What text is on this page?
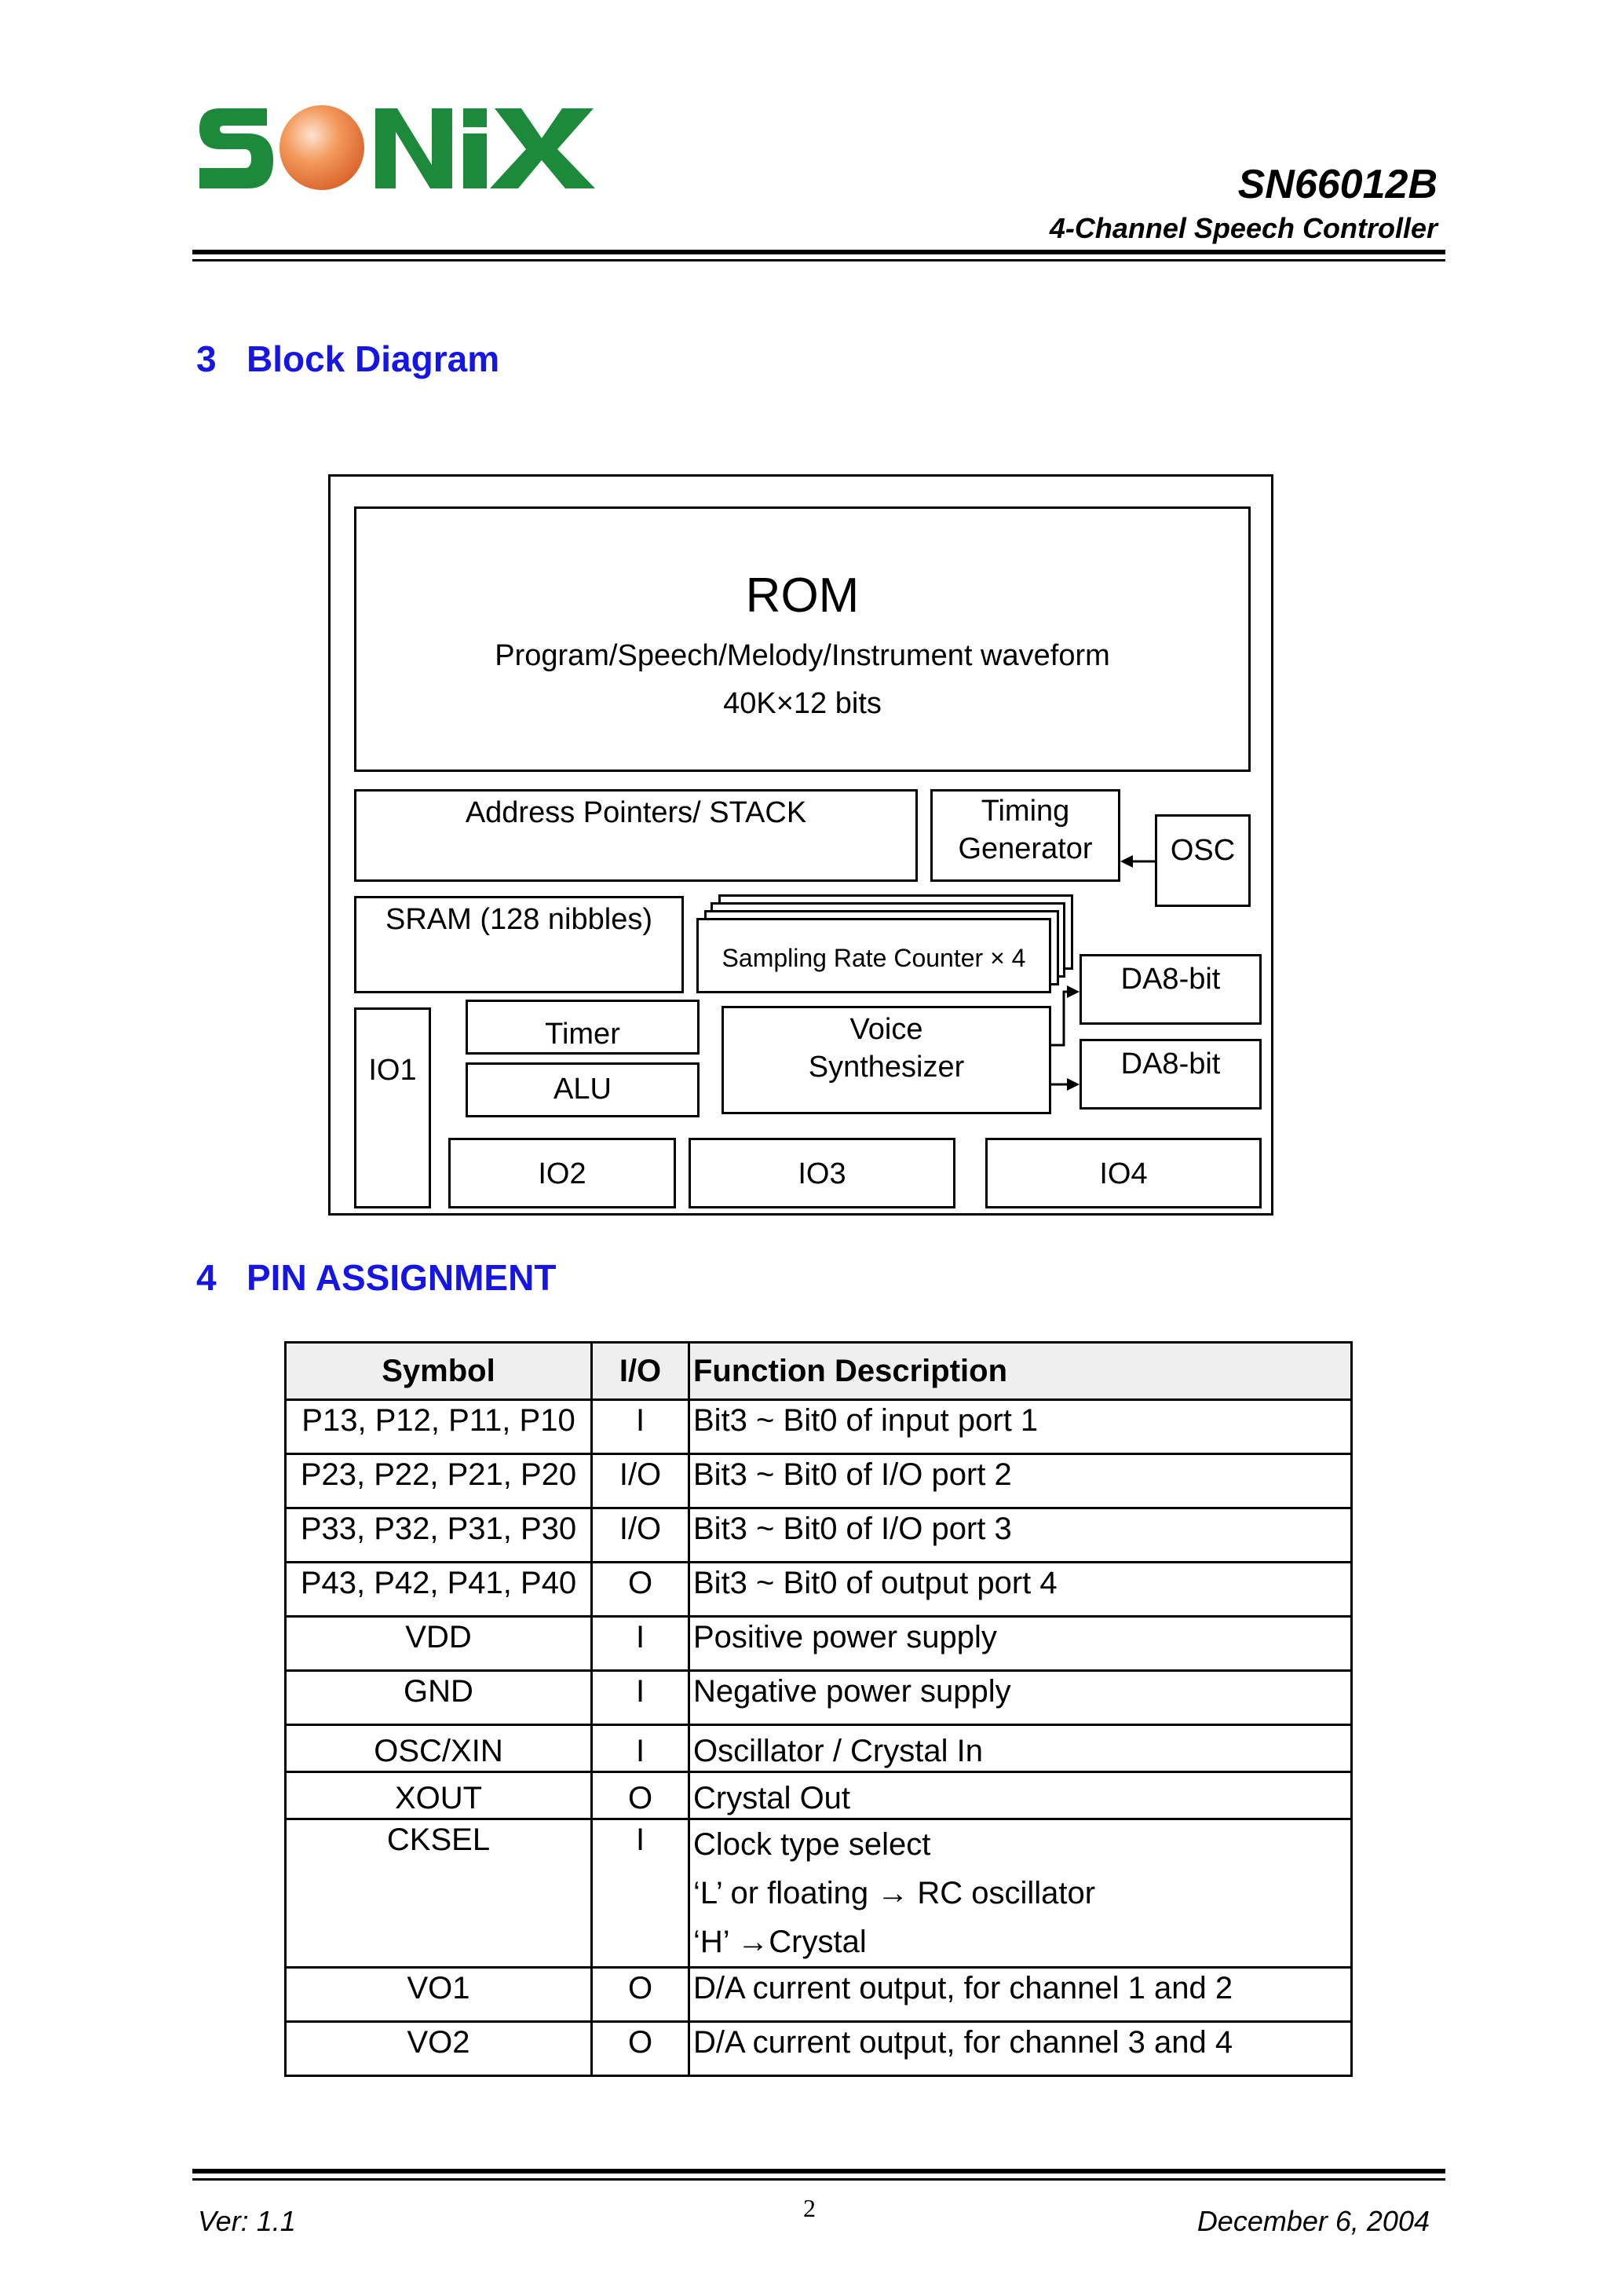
SN66012B
4-Channel Speech Controller
3 Block Diagram
ROM
Program/Speech/Melody/Instrument waveform
40K×12 bits
Address Pointers/ STACK	Timing
Generator	OSC
SRAM (128 nibbles)
Sampling Rate Counter × 4
DA8-bit
DA8-bit
IO1
Timer
ALU
Voice
Synthesizer
IO2	IO3	IO4
4 PIN ASSIGNMENT
Symbol	I/O	Function Description
P13, P12, P11, P10	I	Bit3 ~ Bit0 of input port 1
P23, P22, P21, P20	I/O	Bit3 ~ Bit0 of I/O port 2
P33, P32, P31, P30	I/O	Bit3 ~ Bit0 of I/O port 3
P43, P42, P41, P40	O	Bit3 ~ Bit0 of output port 4
VDD	I	Positive power supply
GND	I	Negative power supply
OSC/XIN	I	Oscillator / Crystal In
XOUT	O	Crystal Out
CKSEL	I	Clock type select
‘L’ or floating → RC oscillator
‘H’ →Crystal

VO1	O	D/A current output, for channel 1 and 2
VO2	O	D/A current output, for channel 3 and 4
Ver: 1.1	2	December 6, 2004
